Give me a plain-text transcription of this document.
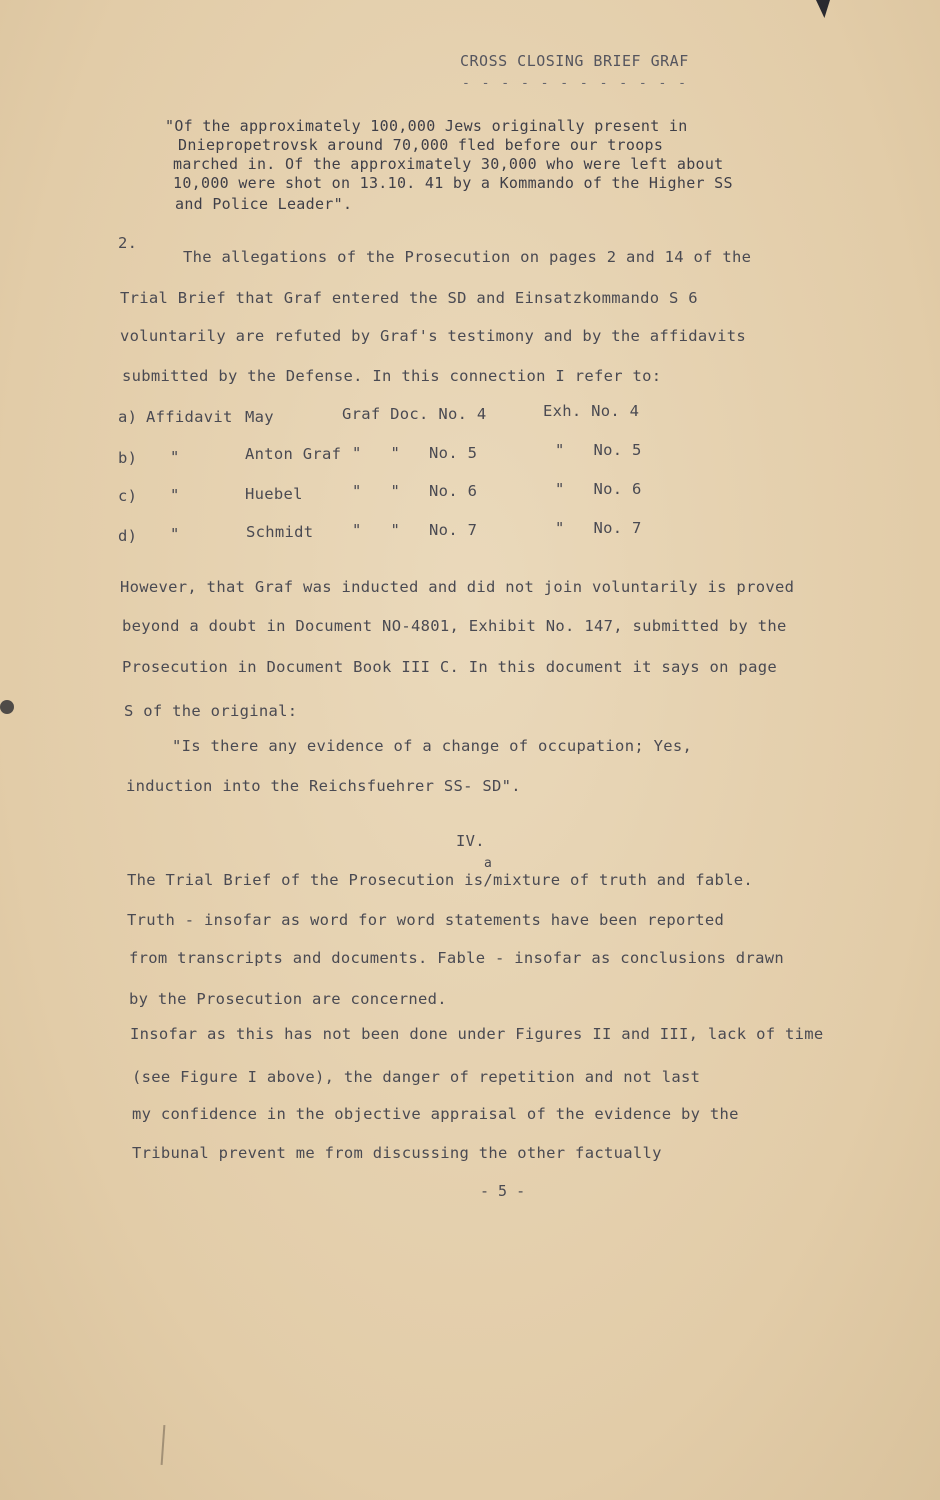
CROSS CLOSING BRIEF GRAF
- - - - - - - - - - - -
"Of the approximately 100,000 Jews originally present in
Dniepropetrovsk around 70,000 fled before our troops
marched in. Of the approximately 30,000 who were left about
10,000 were shot on 13.10. 41 by a Kommando of the Higher SS
and Police Leader".
2.
The allegations of the Prosecution on pages 2 and 14 of the
Trial Brief that Graf entered the SD and Einsatzkommando S 6
voluntarily are refuted by Graf's testimony and by the affidavits
submitted by the Defense. In this connection I refer to:
a) Affidavit May	Graf Doc. No. 4	Exh. No. 4
b) "	Anton Graf "   "   No. 5	"   No. 5
c) "	Huebel	"   "   No. 6	"   No. 6
d) "	Schmidt "   "   No. 7	"   No. 7
However, that Graf was inducted and did not join voluntarily is proved
beyond a doubt in Document NO-4801, Exhibit No. 147, submitted by the
Prosecution in Document Book III C. In this document it says on page
S of the original:
"Is there any evidence of a change of occupation; Yes,
induction into the Reichsfuehrer SS- SD".
IV.
a
The Trial Brief of the Prosecution is/mixture of truth and fable.
Truth - insofar as word for word statements have been reported
from transcripts and documents. Fable - insofar as conclusions drawn
by the Prosecution are concerned.
Insofar as this has not been done under Figures II and III, lack of time
(see Figure I above), the danger of repetition and not last
my confidence in the objective appraisal of the evidence by the
Tribunal prevent me from discussing the other factually
- 5 -
